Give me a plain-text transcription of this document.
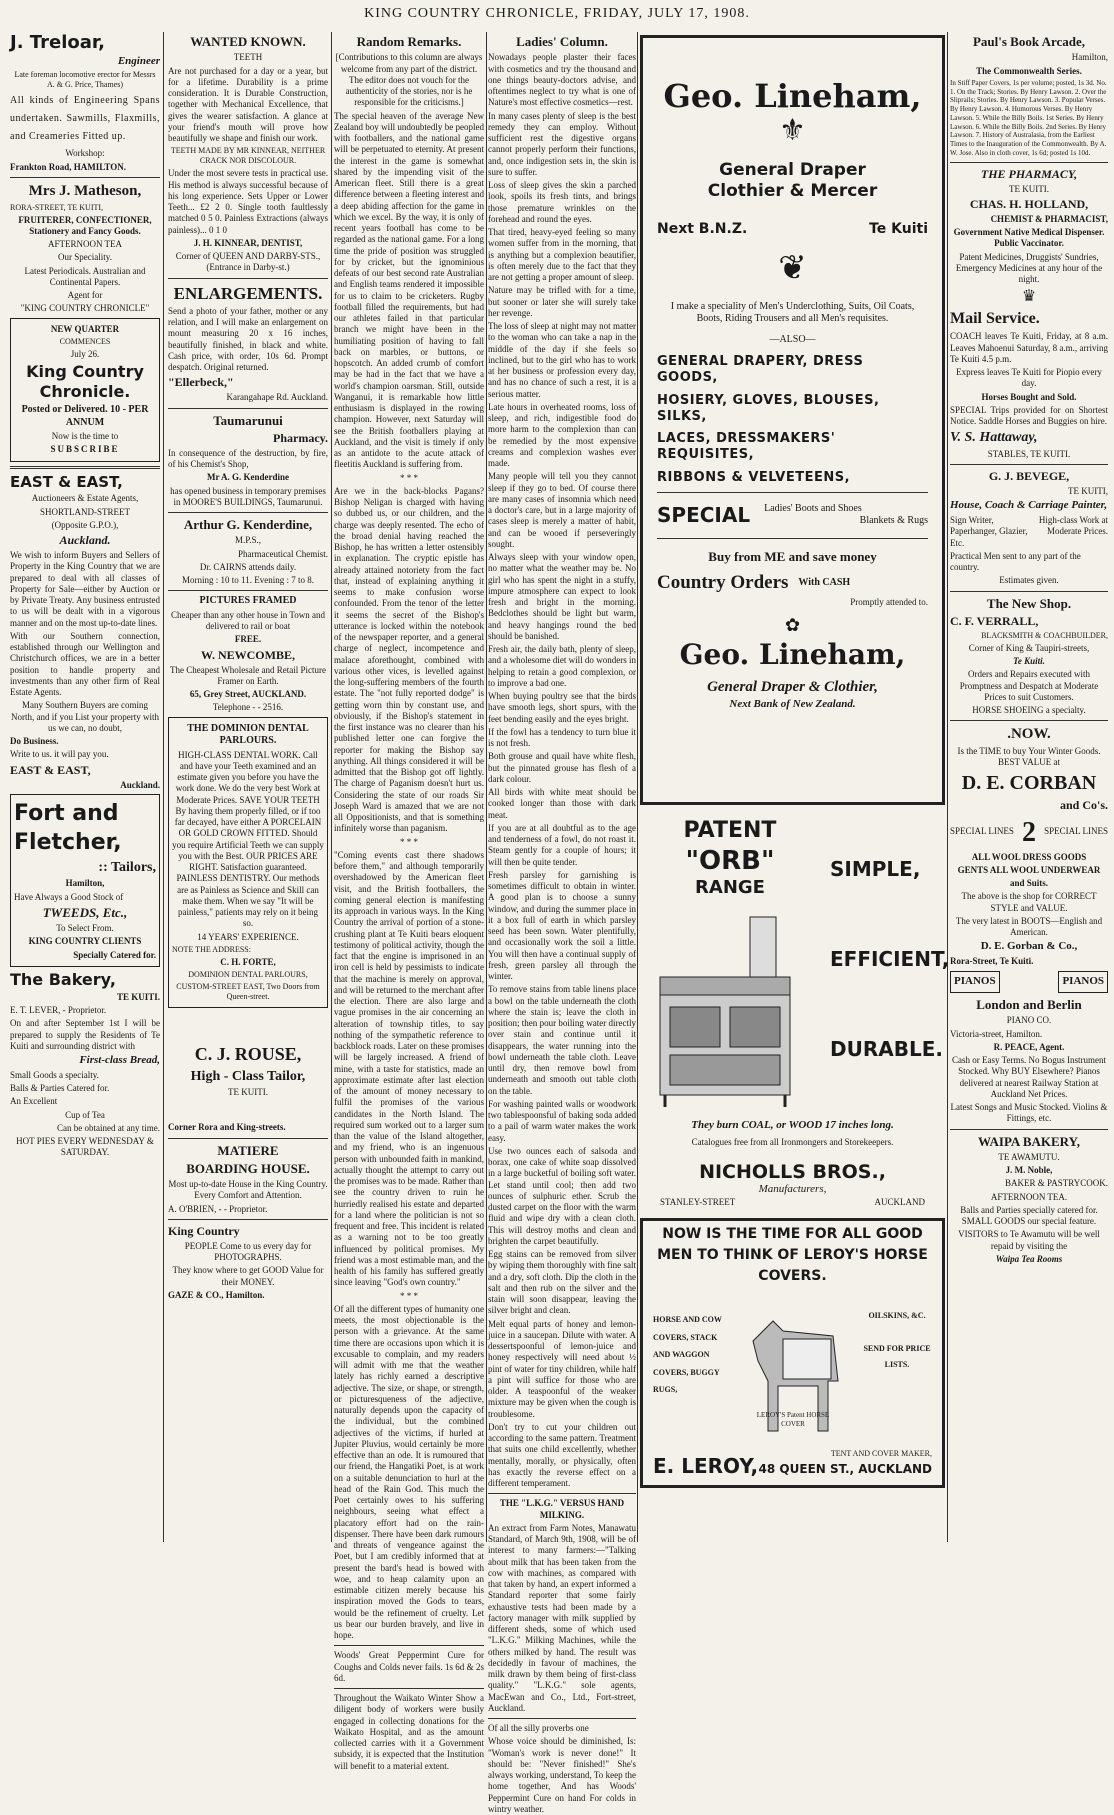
KING COUNTRY CHRONICLE, FRIDAY, JULY 17, 1908.
J. Treloar,
Engineer

Late foreman locomotive erector for Messrs A. & G. Price, Thames)

All kinds of Engineering Spans undertaken. Sawmills, Flaxmills, and Creameries Fitted up.

Workshop:

Frankton Road, HAMILTON.

Mrs J. Matheson,

RORA-STREET, TE KUITI,

FRUITERER, CONFECTIONER, Stationery and Fancy Goods.

AFTERNOON TEA

Our Speciality.

Latest Periodicals. Australian and Continental Papers.

Agent for

"KING COUNTRY CHRONICLE"

NEW QUARTER

COMMENCES

July 26.

King Country Chronicle.

Posted or Delivered. 10 - PER ANNUM

Now is the time to

SUBSCRIBE

EAST & EAST,

Auctioneers & Estate Agents,

SHORTLAND-STREET

(Opposite G.P.O.),

Auckland.

We wish to inform Buyers and Sellers of Property in the King Country that we are prepared to deal with all classes of Property for Sale—either by Auction or by Private Treaty. Any business entrusted to us will be dealt with in a vigorous manner and on the most up-to-date lines.

With our Southern connection, established through our Wellington and Christchurch offices, we are in a better position to handle property and investments than any other firm of Real Estate Agents.

Many Southern Buyers are coming North, and if you List your property with us we can, no doubt,

Do Business.

Write to us. it will pay you.

EAST & EAST,

Auckland.

Fort and

Fletcher,

:: Tailors,

Hamilton,

Have Always a Good Stock of

TWEEDS, Etc.,

To Select From.

KING COUNTRY CLIENTS

Specially Catered for.

The Bakery,

TE KUITI.

E. T. LEVER, - Proprietor.

On and after September 1st I will be prepared to supply the Residents of Te Kuiti and surrounding district with

First-class Bread,

Small Goods a specialty.

Balls & Parties Catered for.

An Excellent

Cup of Tea

Can be obtained at any time.

HOT PIES EVERY WEDNESDAY & SATURDAY.

WANTED KNOWN.

TEETH

Are not purchased for a day or a year, but for a lifetime. Durability is a prime consideration. It is Durable Construction, together with Mechanical Excellence, that gives the wearer satisfaction. A glance at your friend's mouth will prove how beautifully we shape and finish our work.

TEETH MADE BY MR KINNEAR, NEITHER CRACK NOR DISCOLOUR.

Under the most severe tests in practical use. His method is always successful because of his long experience. Sets Upper or Lower Teeth... £2 2 0. Single tooth faultlessly matched 0 5 0. Painless Extractions (always painless)... 0 1 0

J. H. KINNEAR, DENTIST,

Corner of QUEEN AND DARBY-STS., (Entrance in Darby-st.)

ENLARGEMENTS.

Send a photo of your father, mother or any relation, and I will make an enlargement on mount measuring 20 x 16 inches, beautifully finished, in black and white. Cash price, with order, 10s 6d. Prompt despatch. Original returned.

"Ellerbeck,"

Karangahape Rd. Auckland.

Taumarunui

Pharmacy.

In consequence of the destruction, by fire, of his Chemist's Shop,

Mr A. G. Kenderdine

has opened business in temporary premises in MOORE'S BUILDINGS, Taumarunui.

Arthur G. Kenderdine,

M.P.S.,

Pharmaceutical Chemist.

Dr. CAIRNS attends daily.

Morning : 10 to 11. Evening : 7 to 8.

PICTURES FRAMED

Cheaper than any other house in Town and delivered to rail or boat

FREE.

W. NEWCOMBE,

The Cheapest Wholesale and Retail Picture Framer on Earth.

65, Grey Street, AUCKLAND.

Telephone - - 2516.

THE DOMINION DENTAL PARLOURS.

HIGH-CLASS DENTAL WORK. Call and have your Teeth examined and an estimate given you before you have the work done. We do the very best Work at Moderate Prices. SAVE YOUR TEETH By having them properly filled, or if too far decayed, have either A PORCELAIN OR GOLD CROWN FITTED. Should you require Artificial Teeth we can supply you with the Best. OUR PRICES ARE RIGHT. Satisfaction guaranteed. PAINLESS DENTISTRY. Our methods are as Painless as Science and Skill can make them. When we say "It will be painless," patients may rely on it being so.

14 YEARS' EXPERIENCE.

NOTE THE ADDRESS:

C. H. FORTE,

DOMINION DENTAL PARLOURS,

CUSTOM-STREET EAST, Two Doors from Queen-street.

C. J. ROUSE,

High - Class Tailor,

TE KUITI.

Corner Rora and King-streets.

MATIERE
BOARDING HOUSE.

Most up-to-date House in the King Country. Every Comfort and Attention.

A. O'BRIEN, - - Proprietor.

King Country

PEOPLE Come to us every day for PHOTOGRAPHS.

They know where to get GOOD Value for their MONEY.

GAZE & CO., Hamilton.

Random Remarks.

[Contributions to this column are always welcome from any part of the district. The editor does not vouch for the authenticity of the stories, nor is he responsible for the criticisms.]

The special heaven of the average New Zealand boy will undoubtedly be peopled with footballers, and the national game will be perpetuated to eternity. At present the interest in the game is somewhat shared by the impending visit of the American fleet. Still there is a great difference between a fleeting interest and a deep abiding affection for the game in which we excel. By the way, it is only of recent years football has come to be regarded as the national game. For a long time the pride of position was struggled for by cricket, but the ignominious defeats of our best second rate Australian and English teams rendered it impossible for us to claim to be cricketers. Rugby football filled the requirements, but had our athletes failed in that particular branch we might have been in the humiliating position of having to fall back on marbles, or buttons, or hopscotch. An added crumb of comfort may be had in the fact that we have a world's champion oarsman. Still, outside Wanganui, it is remarkable how little enthusiasm is displayed in the rowing champion. However, next Saturday will see the British footballers playing at Auckland, and the visit is timely if only as an antidote to the acute attack of fleetitis Auckland is suffering from.

* * *

Are we in the back-blocks Pagans? Bishop Neligan is charged with having so dubbed us, or our children, and the charge was deeply resented. The echo of the broad denial having reached the Bishop, he has written a letter ostensibly in explanation. The cryptic epistle has already attained notoriety from the fact that, instead of explaining anything it seems to make confusion worse confounded. From the tenor of the letter it seems the secret of the Bishop's utterance is locked within the notebook of the newspaper reporter, and a general charge of neglect, incompetence and malace aforethought, combined with various other vices, is levelled against the long-suffering members of the fourth estate. The "not fully reported dodge" is getting worn thin by constant use, and obviously, if the Bishop's statement in the first instance was no clearer than his published letter one can forgive the reporter for making the Bishop say anything. All things considered it will be admitted that the Bishop got off lightly. The charge of Paganism doesn't hurt us. Considering the state of our roads Sir Joseph Ward is amazed that we are not all Oppositionists, and that is something infinitely worse than paganism.

* * *

"Coming events cast there shadows before them," and although temporarily overshadowed by the American fleet visit, and the British footballers, the coming general election is manifesting its approach in various ways. In the King Country the arrival of portion of a stone-crushing plant at Te Kuiti bears eloquent testimony of political activity, though the fact that the engine is imprisoned in an iron cell is held by pessimists to indicate that the machine is merely on approval, and will be returned to the merchant after the election. There are also large and vague promises in the air concerning an alteration of township titles, to say nothing of the sympathetic reference to backblock roads. Later on these promises will be largely increased. A friend of mine, with a taste for statistics, made an approximate estimate after last election of the amount of money necessary to fulfil the promises of the various candidates in the North Island. The required sum worked out to a larger sum than the value of the Island altogether, and my friend, who is an ingenuous person with unbounded faith in mankind, actually thought the attempt to carry out the promises was to be made. Rather than see the country driven to ruin he hurriedly realised his estate and departed for a land where the politician is not so frequent and free. This incident is related as a warning not to be too greatly influenced by political promises. My friend was a most estimable man, and the health of his family has suffered greatly since leaving "God's own country."

* * *

Of all the different types of humanity one meets, the most objectionable is the person with a grievance. At the same time there are occasions upon which it is excusable to complain, and my readers will admit with me that the weather lately has richly earned a descriptive adjective. The size, or shape, or strength, or picturesqueness of the adjective, naturally depends upon the capacity of the individual, but the combined adjectives of the victims, if hurled at Jupiter Pluvius, would certainly be more effective than an ode. It is rumoured that our friend, the Hangatiki Poet, is at work on a suitable denunciation to hurl at the head of the Rain God. This much the Poet certainly owes to his suffering neighbours, seeing what effect a placatory effort had on the rain-dispenser. There have been dark rumours and threats of vengeance against the Poet, but I am credibly informed that at present the bard's head is bowed with woe, and to heap calamity upon an estimable citizen merely because his inspiration moved the Gods to tears, would be the refinement of cruelty. Let us bear our burden bravely, and live in hope.

Woods' Great Peppermint Cure for Coughs and Colds never fails. 1s 6d & 2s 6d.

Throughout the Waikato Winter Show a diligent body of workers were busily engaged in collecting donations for the Waikato Hospital, and as the amount collected carries with it a Government subsidy, it is expected that the Institution will benefit to a material extent.

Ladies' Column.

Nowadays people plaster their faces with cosmetics and try the thousand and one things beauty-doctors advise, and oftentimes neglect to try what is one of Nature's most effective cosmetics—rest.

In many cases plenty of sleep is the best remedy they can employ. Without sufficient rest the digestive organs cannot properly perform their functions, and, once indigestion sets in, the skin is sure to suffer.

Loss of sleep gives the skin a parched look, spoils its fresh tints, and brings those premature wrinkles on the forehead and round the eyes.

That tired, heavy-eyed feeling so many women suffer from in the morning, that is anything but a complexion beautifier, is often merely due to the fact that they are not getting a proper amount of sleep.

Nature may be trifled with for a time, but sooner or later she will surely take her revenge.

The loss of sleep at night may not matter to the woman who can take a nap in the middle of the day if she feels so inclined, but to the girl who has to work at her business or profession every day, and has no chance of such a rest, it is a serious matter.

Late hours in overheated rooms, loss of sleep, and rich, indigestible food do more harm to the complexion than can be remedied by the most expensive creams and complexion washes ever made.

Many people will tell you they cannot sleep if they go to bed. Of course there are many cases of insomnia which need a doctor's care, but in a large majority of cases sleep is merely a matter of habit, and can be wooed if perseveringly sought.

Always sleep with your window open, no matter what the weather may be. No girl who has spent the night in a stuffy, impure atmosphere can expect to look fresh and bright in the morning. Bedclothes should be light but warm, and heavy hangings round the bed should be banished.

Fresh air, the daily bath, plenty of sleep, and a wholesome diet will do wonders in helping to retain a good complexion, or to improve a bad one.

When buying poultry see that the birds have smooth legs, short spurs, with the feet bending easily and the eyes bright.

If the fowl has a tendency to turn blue it is not fresh.

Both grouse and quail have white flesh, but the pinnated grouse has flesh of a dark colour.

All birds with white meat should be cooked longer than those with dark meat.

If you are at all doubtful as to the age and tenderness of a fowl, do not roast it. Steam gently for a couple of hours; it will then be quite tender.

Fresh parsley for garnishing is sometimes difficult to obtain in winter. A good plan is to choose a sunny window, and during the summer place in it a box full of earth in which parsley seed has been sown. Water plentifully, and occasionally work the soil a little. You will then have a continual supply of fresh, green parsley all through the winter.

To remove stains from table linens place a bowl on the table underneath the cloth where the stain is; leave the cloth in position; then pour boiling water directly over stain and continue until it disappears, the water running into the bowl underneath the table cloth. Leave until dry, then remove bowl from underneath and smooth out table cloth on the table.

For washing painted walls or woodwork two tablespoonsful of baking soda added to a pail of warm water makes the work easy.

Use two ounces each of salsoda and borax, one cake of white soap dissolved in a large bucketful of boiling soft water. Let stand until cool; then add two ounces of sulphuric ether. Scrub the dusted carpet on the floor with the warm fluid and wipe dry with a clean cloth. This will destroy moths and clean and brighten the carpet beautifully.

Egg stains can be removed from silver by wiping them thoroughly with fine salt and a dry, soft cloth. Dip the cloth in the salt and then rub on the silver and the stain will soon disappear, leaving the silver bright and clean.

Melt equal parts of honey and lemon-juice in a saucepan. Dilute with water. A dessertspoonful of lemon-juice and honey respectively will need about ½ pint of water for tiny children, while half a pint will suffice for those who are older. A teaspoonful of the weaker mixture may be given when the cough is troublesome.

Don't try to cut your children out according to the same pattern. Treatment that suits one child excellently, whether mentally, morally, or physically, often has exactly the reverse effect on a different temperament.

THE "L.K.G." VERSUS HAND MILKING.

An extract from Farm Notes, Manawatu Standard, of March 9th, 1908, will be of interest to many farmers:—"Talking about milk that has been taken from the cow with machines, as compared with that taken by hand, an expert informed a Standard reporter that some fairly exhaustive tests had been made by a factory manager with milk supplied by different sheds, some of which used "L.K.G." Milking Machines, while the others milked by hand. The result was decidedly in favour of machines, the milk drawn by them being of first-class quality." "L.K.G." sole agents, MacEwan and Co., Ltd., Fort-street, Auckland.

Of all the silly proverbs one

Whose voice should be diminished, Is: "Woman's work is never done!" It should be: "Never finished!" She's always working, understand, To keep the home together, And has Woods' Peppermint Cure on hand For colds in wintry weather.

Geo. Lineham,
⚜
General Draper
Clothier & Mercer
Next B.N.Z.	Te Kuiti
❦

I make a speciality of Men's Underclothing, Suits, Oil Coats, Boots, Riding Trousers and all Men's requisites.

—ALSO—

GENERAL DRAPERY, DRESS GOODS,
HOSIERY, GLOVES, BLOUSES, SILKS,
LACES, DRESSMAKERS' REQUISITES,
RIBBONS & VELVETEENS,
SPECIAL Ladies' Boots and Shoes

Blankets & Rugs

Buy from ME and save money

Country Orders With CASH

Promptly attended to.

✿
Geo. Lineham,

General Draper & Clothier,

Next Bank of New Zealand.

PATENT
"ORB"
RANGE
SIMPLE,
EFFICIENT,
DURABLE.
They burn COAL, or WOOD 17 inches long.
Catalogues free from all Ironmongers and Storekeepers.
NICHOLLS BROS.,
Manufacturers,
STANLEY-STREET	AUCKLAND
NOW IS THE TIME FOR ALL GOOD MEN TO THINK OF LEROY'S HORSE COVERS.
HORSE AND COW COVERS, STACK AND WAGGON COVERS, BUGGY RUGS,
LEROY'S Patent HORSE COVER
OILSKINS, &C.
SEND FOR PRICE LISTS.
E. LEROY,
TENT AND COVER MAKER,
48 QUEEN ST., AUCKLAND
Paul's Book Arcade,

Hamilton,

The Commonwealth Series.

In Stiff Paper Covers, 1s per volume; posted, 1s 3d. No. 1. On the Track; Stories. By Henry Lawson. 2. Over the Sliprails; Stories. By Henry Lawson. 3. Popular Verses. By Henry Lawson. 4. Humorous Verses. By Henry Lawson. 5. While the Billy Boils. 1st Series. By Henry Lawson. 6. While the Billy Boils. 2nd Series. By Henry Lawson. 7. History of Australasia, from the Earliest Times to the Inauguration of the Commonwealth. By A. W. Jose. Also in cloth cover, 1s 6d; posted 1s 10d.

THE PHARMACY,

TE KUITI.

CHAS. H. HOLLAND,

CHEMIST & PHARMACIST,

Government Native Medical Dispenser. Public Vaccinator.

Patent Medicines, Druggists' Sundries, Emergency Medicines at any hour of the night.

♛
Mail Service.

COACH leaves Te Kuiti, Friday, at 8 a.m. Leaves Mahoenui Saturday, 8 a.m., arriving Te Kuiti 4.5 p.m.

Express leaves Te Kuiti for Piopio every day.

Horses Bought and Sold.

SPECIAL Trips provided for on Shortest Notice. Saddle Horses and Buggies on hire.

V. S. Hattaway,

STABLES, TE KUITI.

G. J. BEVEGE,

TE KUITI,

House, Coach & Carriage Painter,

Sign Writer, Paperhanger, Glazier, Etc.
High-class Work at Moderate Prices.

Practical Men sent to any part of the country.

Estimates given.

The New Shop.

C. F. VERRALL,

BLACKSMITH & COACHBUILDER,

Corner of King & Taupiri-streets,

Te Kuiti.

Orders and Repairs executed with Promptness and Despatch at Moderate Prices to suit Customers.

HORSE SHOEING a specialty.

.NOW.

Is the TIME to buy Your Winter Goods. BEST VALUE at

D. E. CORBAN

and Co's.

SPECIAL LINES 2 SPECIAL LINES

ALL WOOL DRESS GOODS

GENTS ALL WOOL UNDERWEAR

and Suits.

The above is the shop for CORRECT STYLE and VALUE.

The very latest in BOOTS—English and American.

D. E. Gorban & Co.,

Rora-Street, Te Kuiti.

PIANOS	PIANOS

London and Berlin

PIANO CO.

Victoria-street, Hamilton.

R. PEACE, Agent.

Cash or Easy Terms. No Bogus Instrument Stocked. Why BUY Elsewhere? Pianos delivered at nearest Railway Station at Auckland Net Prices.

Latest Songs and Music Stocked. Violins & Fittings, etc.

WAIPA BAKERY,

TE AWAMUTU.

J. M. Noble,

BAKER & PASTRYCOOK.

AFTERNOON TEA.

Balls and Parties specially catered for. SMALL GOODS our special feature.

VISITORS to Te Awamutu will be well repaid by visiting the

Waipa Tea Rooms
